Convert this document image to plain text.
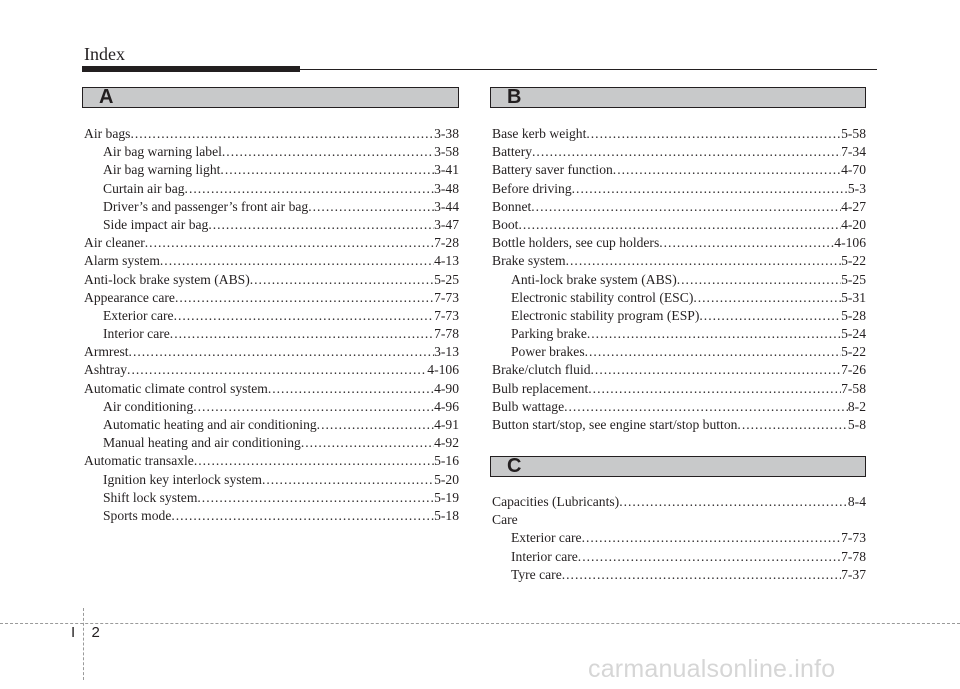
Index
A	B
C
Air bags .....	3-38
Air bag warning label .....	3-58
Air bag warning light .....	3-41
Curtain air bag .....	3-48
Driver’s and passenger’s front air bag .....	3-44
Side impact air bag .....	3-47
Air cleaner .....	7-28
Alarm system .....	4-13
Anti-lock brake system (ABS) .....	5-25
Appearance care .....	7-73
Exterior care .....	7-73
Interior care .....	7-78
Armrest .....	3-13
Ashtray .....	4-106
Automatic climate control system .....	4-90
Air conditioning .....	4-96
Automatic heating and air conditioning .....	4-91
Manual heating and air conditioning .....	4-92
Automatic transaxle .....	5-16
Ignition key interlock system .....	5-20
Shift lock system .....	5-19
Sports mode .....	5-18
Base kerb weight .....	5-58
Battery .....	7-34
Battery saver function .....	4-70
Before driving .....	5-3
Bonnet .....	4-27
Boot .....	4-20
Bottle holders, see cup holders .....	4-106
Brake system .....	5-22
Anti-lock brake system (ABS) .....	5-25
Electronic stability control (ESC) .....	5-31
Electronic stability program (ESP) .....	5-28
Parking brake .....	5-24
Power brakes .....	5-22
Brake/clutch fluid .....	7-26
Bulb replacement .....	7-58
Bulb wattage .....	8-2
Button start/stop, see engine start/stop button .....	5-8
Capacities (Lubricants) .....	8-4
Care
Exterior care .....	7-73
Interior care .....	7-78
Tyre care .....	7-37
I 2
carmanualsonline.info
